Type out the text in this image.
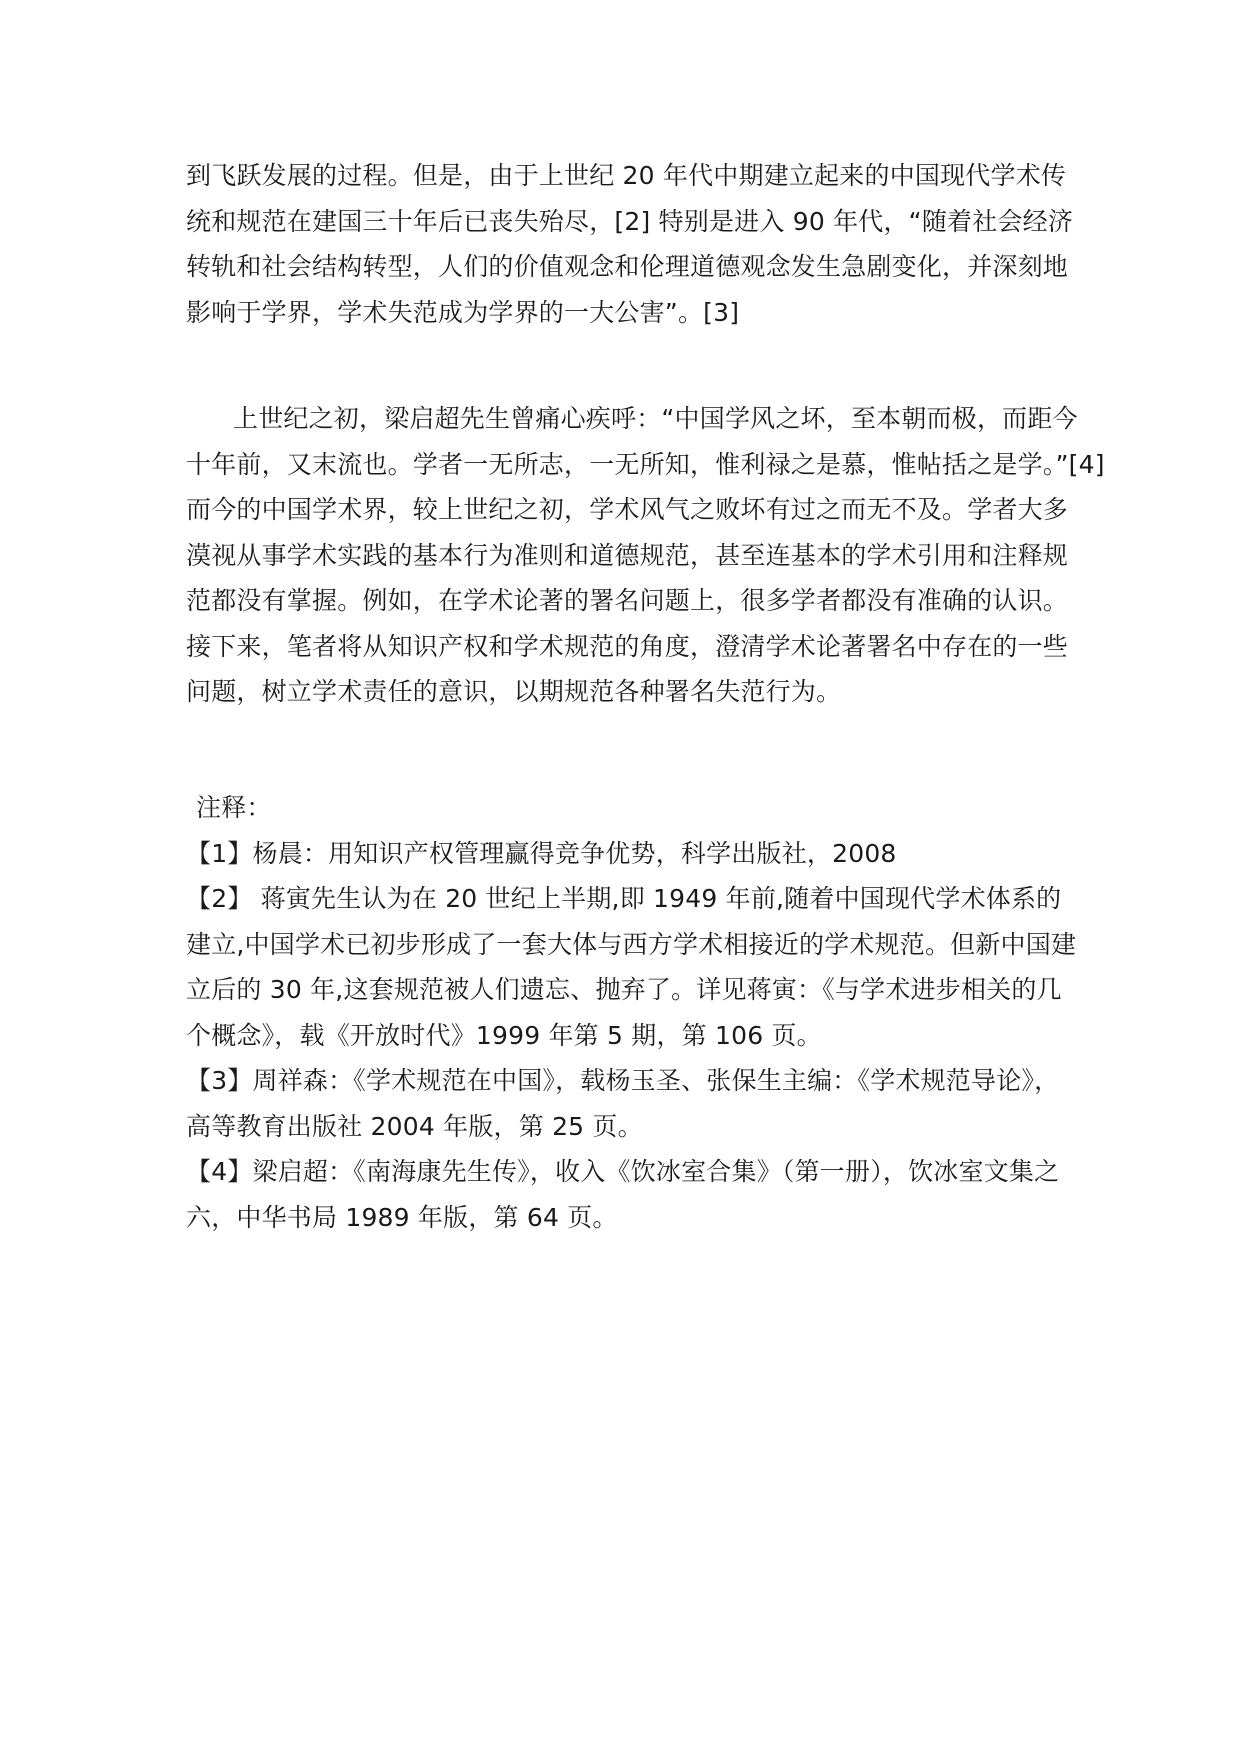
到飞跃发展的过程。但是，由于上世纪 20 年代中期建立起来的中国现代学术传

统和规范在建国三十年后已丧失殆尽，[2] 特别是进入 90 年代，“随着社会经济

转轨和社会结构转型，人们的价值观念和伦理道德观念发生急剧变化，并深刻地

影响于学界，学术失范成为学界的一大公害”。[3]

上世纪之初，梁启超先生曾痛心疾呼：“中国学风之坏，至本朝而极，而距今

十年前，又末流也。学者一无所志，一无所知，惟利禄之是慕，惟帖括之是学。”[4]

而今的中国学术界，较上世纪之初，学术风气之败坏有过之而无不及。学者大多

漠视从事学术实践的基本行为准则和道德规范，甚至连基本的学术引用和注释规

范都没有掌握。例如，在学术论著的署名问题上，很多学者都没有准确的认识。

接下来，笔者将从知识产权和学术规范的角度，澄清学术论著署名中存在的一些

问题，树立学术责任的意识，以期规范各种署名失范行为。

注释：

【1】杨晨：用知识产权管理赢得竞争优势，科学出版社，2008

【2】 蒋寅先生认为在 20 世纪上半期,即 1949 年前,随着中国现代学术体系的

建立,中国学术已初步形成了一套大体与西方学术相接近的学术规范。但新中国建

立后的 30 年,这套规范被人们遗忘、抛弃了。详见蒋寅：《与学术进步相关的几

个概念》，载《开放时代》1999 年第 5 期，第 106 页。

【3】周祥森：《学术规范在中国》，载杨玉圣、张保生主编：《学术规范导论》，

高等教育出版社 2004 年版，第 25 页。

【4】梁启超：《南海康先生传》，收入《饮冰室合集》（第一册），饮冰室文集之

六，中华书局 1989 年版，第 64 页。
